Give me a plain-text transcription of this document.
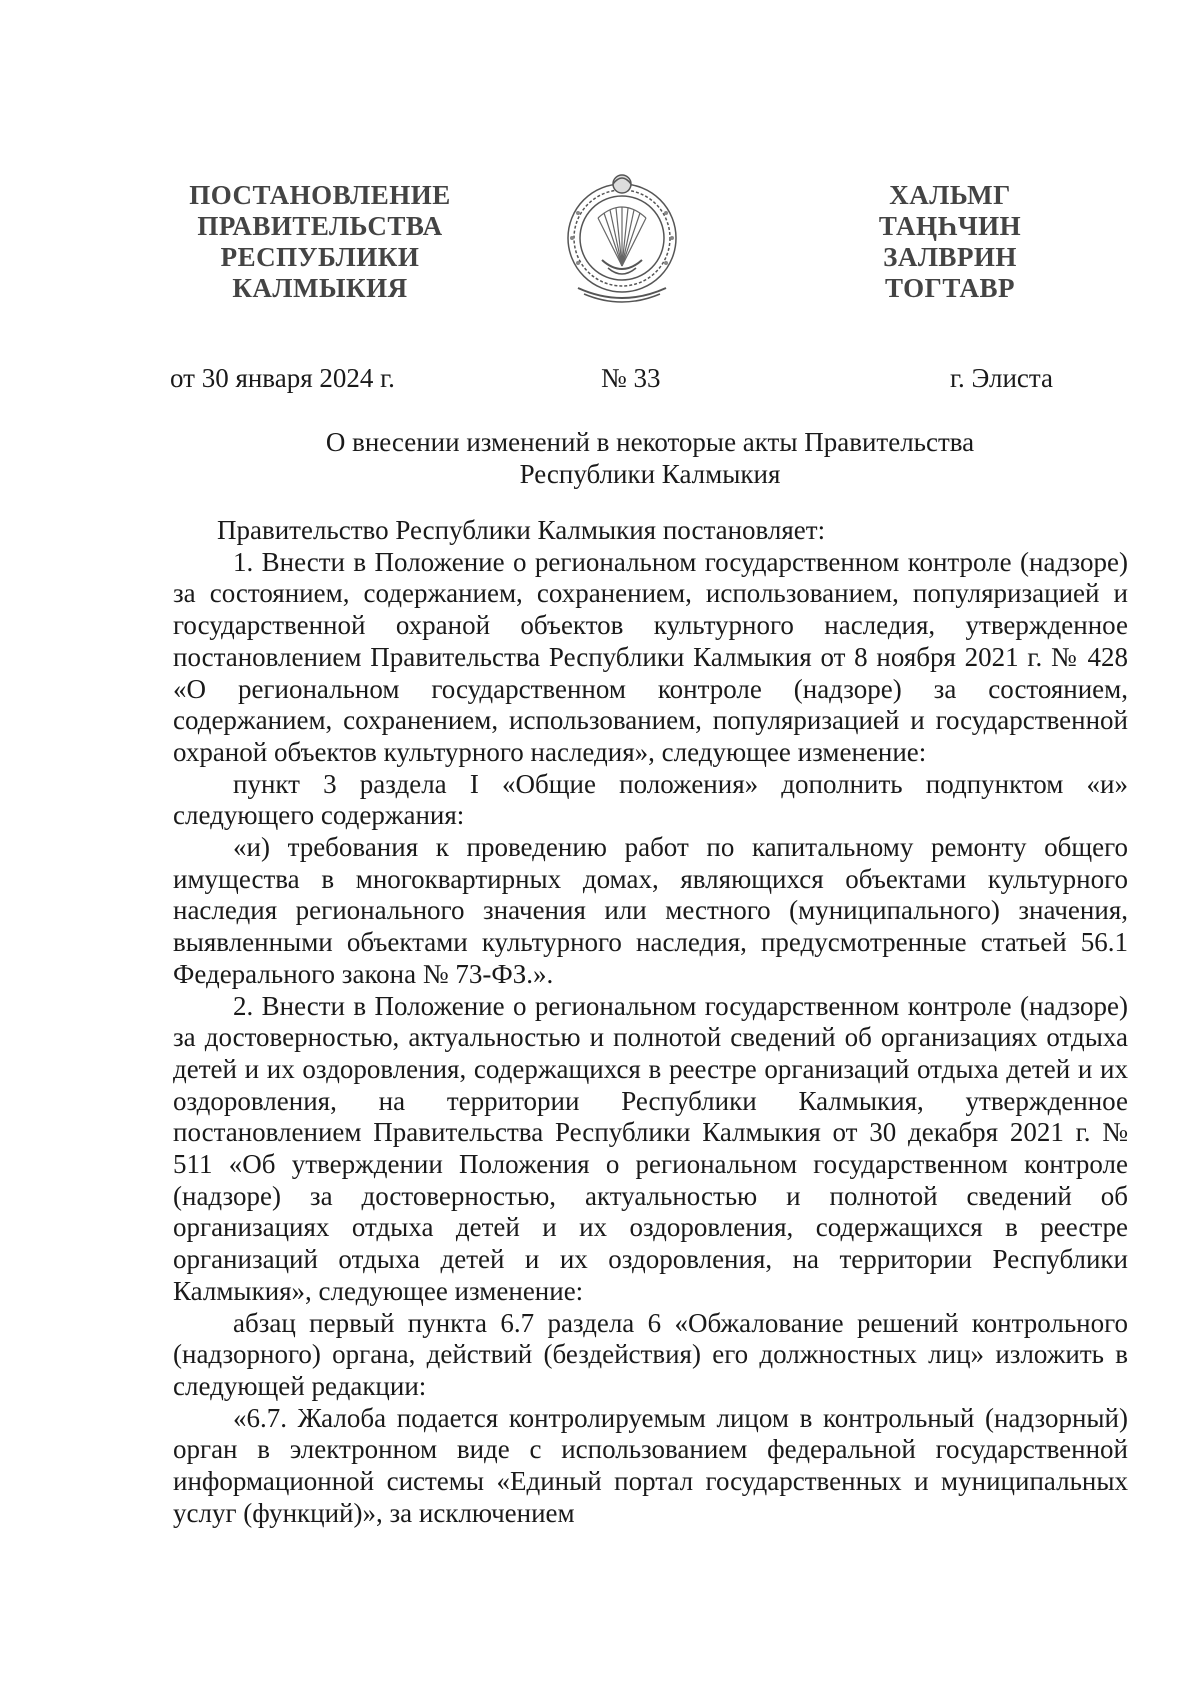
ПОСТАНОВЛЕНИЕ
ПРАВИТЕЛЬСТВА
РЕСПУБЛИКИ
КАЛМЫКИЯ
ХАЛЬМГ
ТАҢҺЧИН
ЗАЛВРИН
ТОГТАВР
от 30 января 2024 г.	№ 33	г. Элиста
О внесении изменений в некоторые акты Правительства
Республики Калмыкия

Правительство Республики Калмыкия постановляет:

1. Внести в Положение о региональном государственном контроле (надзоре) за состоянием, содержанием, сохранением, использованием, популяризацией и государственной охраной объектов культурного наследия, утвержденное постановлением Правительства Республики Калмыкия от 8 ноября 2021 г. № 428 «О региональном государственном контроле (надзоре) за состоянием, содержанием, сохранением, использованием, популяризацией и государственной охраной объектов культурного наследия», следующее изменение:

пункт 3 раздела I «Общие положения» дополнить подпунктом «и» следующего содержания:

«и) требования к проведению работ по капитальному ремонту общего имущества в многоквартирных домах, являющихся объектами культурного наследия регионального значения или местного (муниципального) значения, выявленными объектами культурного наследия, предусмотренные статьей 56.1 Федерального закона № 73-ФЗ.».

2. Внести в Положение о региональном государственном контроле (надзоре) за достоверностью, актуальностью и полнотой сведений об организациях отдыха детей и их оздоровления, содержащихся в реестре организаций отдыха детей и их оздоровления, на территории Республики Калмыкия, утвержденное постановлением Правительства Республики Калмыкия от 30 декабря 2021 г. № 511 «Об утверждении Положения о региональном государственном контроле (надзоре) за достоверностью, актуальностью и полнотой сведений об организациях отдыха детей и их оздоровления, содержащихся в реестре организаций отдыха детей и их оздоровления, на территории Республики Калмыкия», следующее изменение:

абзац первый пункта 6.7 раздела 6 «Обжалование решений контрольного (надзорного) органа, действий (бездействия) его должностных лиц» изложить в следующей редакции:

«6.7. Жалоба подается контролируемым лицом в контрольный (надзорный) орган в электронном виде с использованием федеральной государственной информационной системы «Единый портал государственных и муниципальных услуг (функций)», за исключением
